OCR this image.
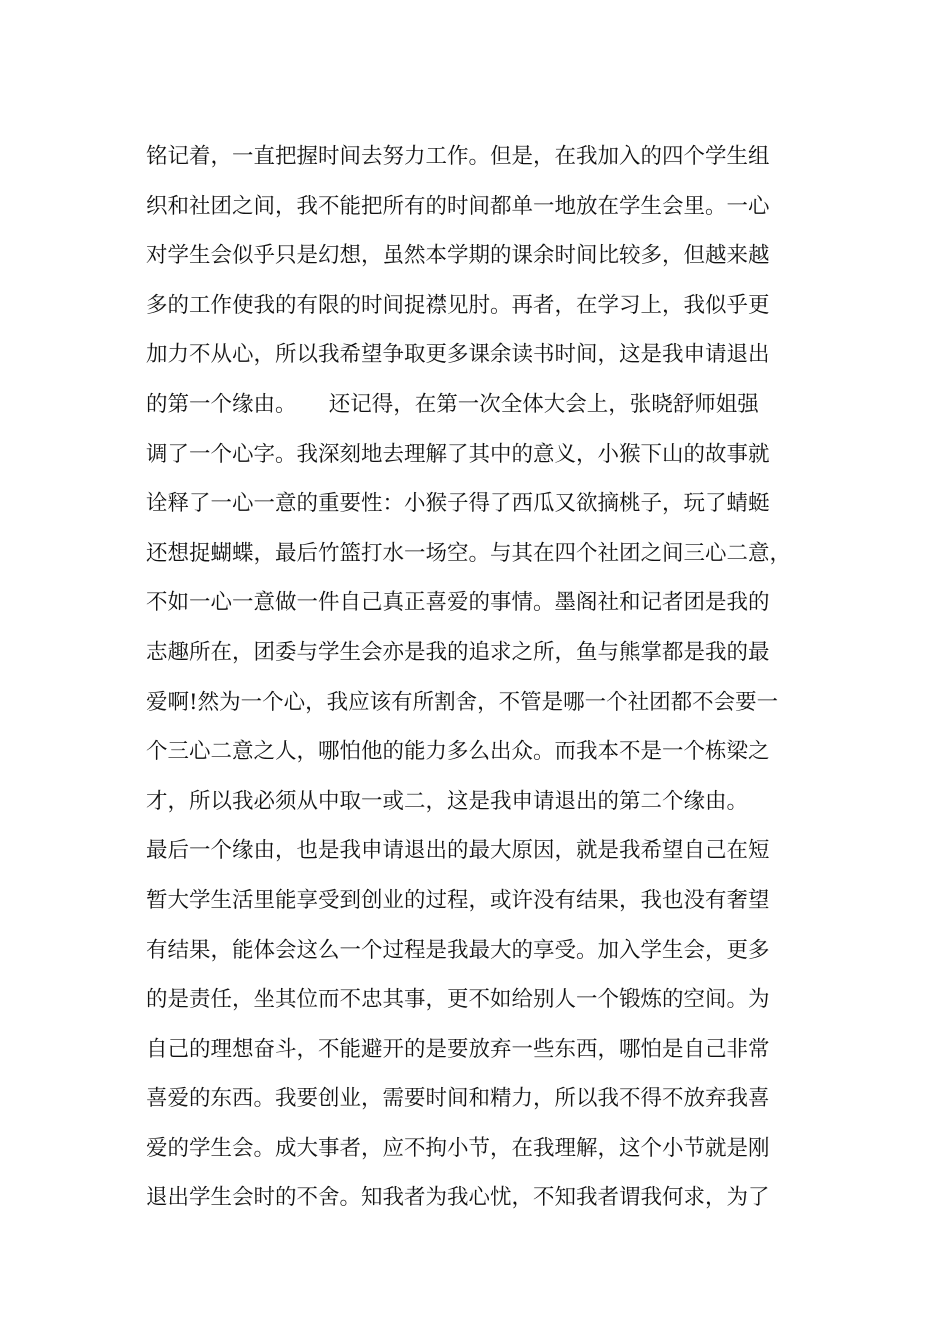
铭记着，一直把握时间去努力工作。但是，在我加入的四个学生组
织和社团之间，我不能把所有的时间都单一地放在学生会里。一心
对学生会似乎只是幻想，虽然本学期的课余时间比较多，但越来越
多的工作使我的有限的时间捉襟见肘。再者，在学习上，我似乎更
加力不从心，所以我希望争取更多课余读书时间，这是我申请退出
的第一个缘由。　　还记得，在第一次全体大会上，张晓舒师姐强
调了一个心字。我深刻地去理解了其中的意义，小猴下山的故事就
诠释了一心一意的重要性：小猴子得了西瓜又欲摘桃子，玩了蜻蜓
还想捉蝴蝶，最后竹篮打水一场空。与其在四个社团之间三心二意，
不如一心一意做一件自己真正喜爱的事情。墨阁社和记者团是我的
志趣所在，团委与学生会亦是我的追求之所，鱼与熊掌都是我的最
爱啊!然为一个心，我应该有所割舍，不管是哪一个社团都不会要一
个三心二意之人，哪怕他的能力多么出众。而我本不是一个栋梁之
才，所以我必须从中取一或二，这是我申请退出的第二个缘由。
最后一个缘由，也是我申请退出的最大原因，就是我希望自己在短
暂大学生活里能享受到创业的过程，或许没有结果，我也没有奢望
有结果，能体会这么一个过程是我最大的享受。加入学生会，更多
的是责任，坐其位而不忠其事，更不如给别人一个锻炼的空间。为
自己的理想奋斗，不能避开的是要放弃一些东西，哪怕是自己非常
喜爱的东西。我要创业，需要时间和精力，所以我不得不放弃我喜
爱的学生会。成大事者，应不拘小节，在我理解，这个小节就是刚
退出学生会时的不舍。知我者为我心忧，不知我者谓我何求，为了
